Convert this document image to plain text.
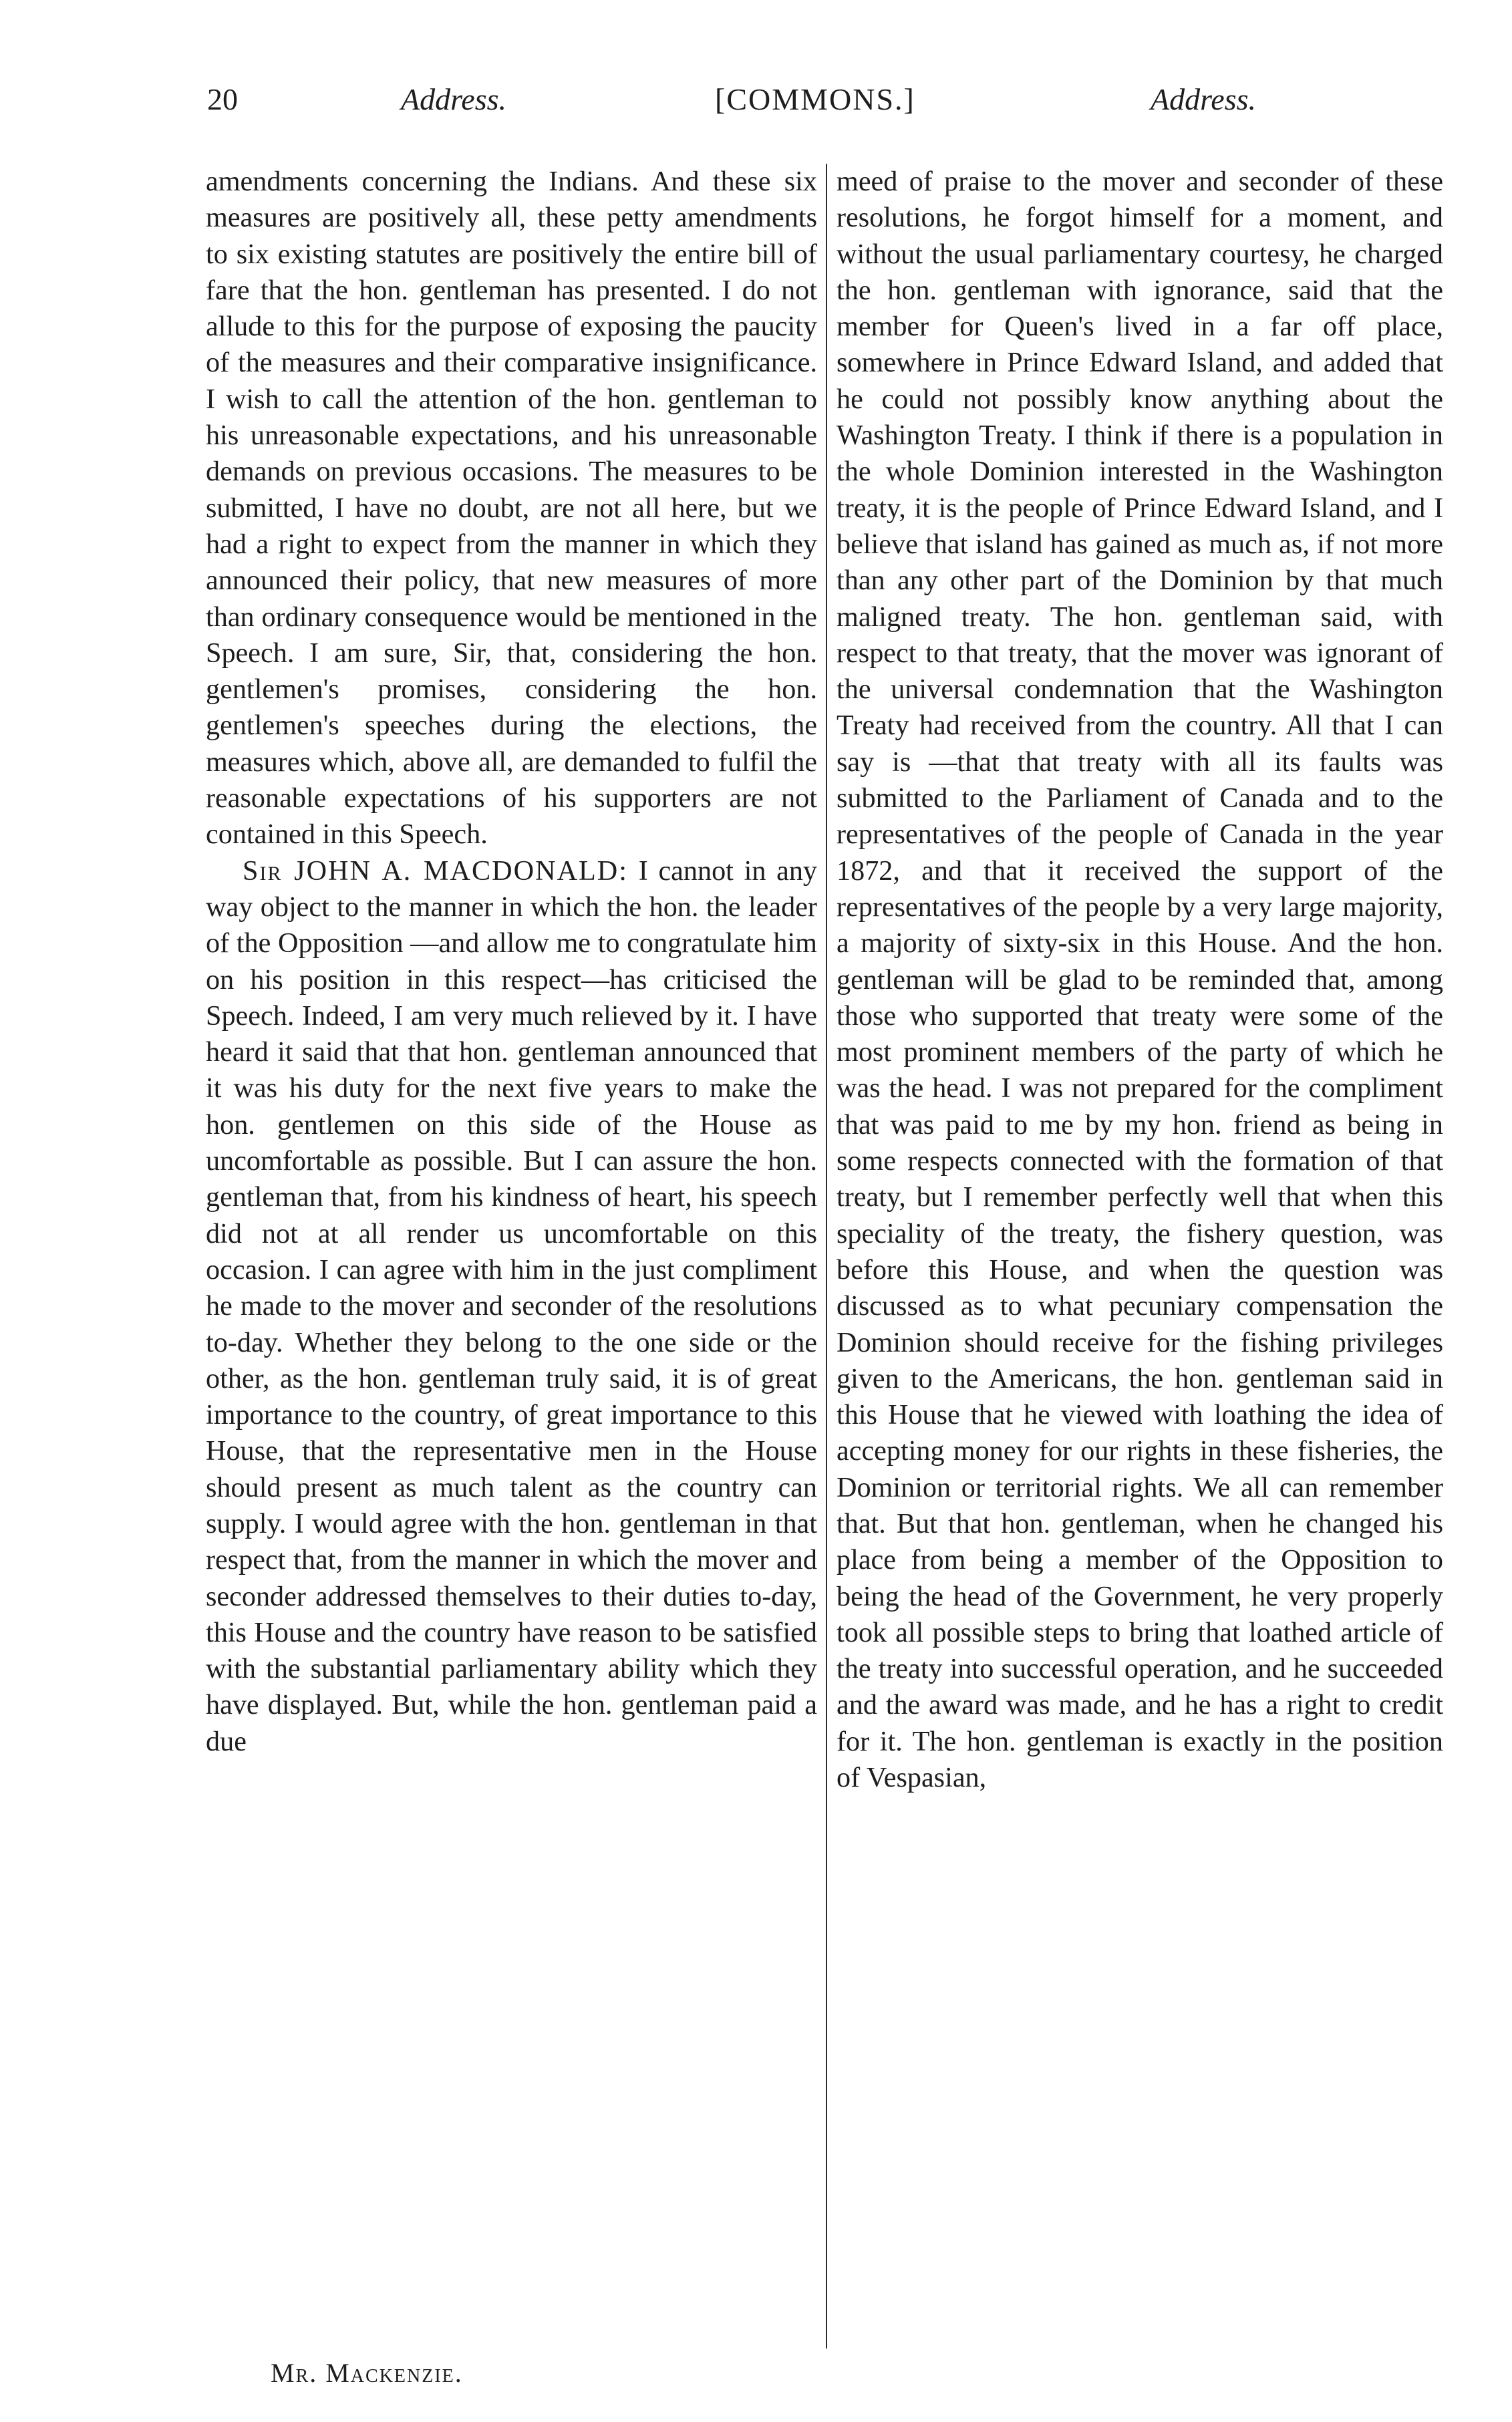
20	Address.	[COMMONS.]	Address.

amendments concerning the Indians. And these six measures are positively all, these petty amendments to six existing statutes are positively the entire bill of fare that the hon. gentleman has presented. I do not allude to this for the purpose of exposing the paucity of the measures and their comparative insignificance. I wish to call the attention of the hon. gentleman to his unreasonable expectations, and his unreasonable demands on previous occasions. The measures to be submitted, I have no doubt, are not all here, but we had a right to expect from the manner in which they announced their policy, that new measures of more than ordinary consequence would be mentioned in the Speech. I am sure, Sir, that, considering the hon. gentlemen's promises, considering the hon. gentlemen's speeches during the elections, the measures which, above all, are demanded to fulfil the reasonable expectations of his supporters are not contained in this Speech.

Sir JOHN A. MACDONALD: I cannot in any way object to the manner in which the hon. the leader of the Opposition —and allow me to congratulate him on his position in this respect—has criticised the Speech. Indeed, I am very much relieved by it. I have heard it said that that hon. gentleman announced that it was his duty for the next five years to make the hon. gentlemen on this side of the House as uncomfortable as possible. But I can assure the hon. gentleman that, from his kindness of heart, his speech did not at all render us uncomfortable on this occasion. I can agree with him in the just compliment he made to the mover and seconder of the resolutions to-day. Whether they belong to the one side or the other, as the hon. gentleman truly said, it is of great importance to the country, of great importance to this House, that the representative men in the House should present as much talent as the country can supply. I would agree with the hon. gentleman in that respect that, from the manner in which the mover and seconder addressed themselves to their duties to-day, this House and the country have reason to be satisfied with the substantial parliamentary ability which they have displayed. But, while the hon. gentleman paid a due

meed of praise to the mover and seconder of these resolutions, he forgot himself for a moment, and without the usual parliamentary courtesy, he charged the hon. gentleman with ignorance, said that the member for Queen's lived in a far off place, somewhere in Prince Edward Island, and added that he could not possibly know anything about the Washington Treaty. I think if there is a population in the whole Dominion interested in the Washington treaty, it is the people of Prince Edward Island, and I believe that island has gained as much as, if not more than any other part of the Dominion by that much maligned treaty. The hon. gentleman said, with respect to that treaty, that the mover was ignorant of the universal condemnation that the Washington Treaty had received from the country. All that I can say is —that that treaty with all its faults was submitted to the Parliament of Canada and to the representatives of the people of Canada in the year 1872, and that it received the support of the representatives of the people by a very large majority, a majority of sixty-six in this House. And the hon. gentleman will be glad to be reminded that, among those who supported that treaty were some of the most prominent members of the party of which he was the head. I was not prepared for the compliment that was paid to me by my hon. friend as being in some respects connected with the formation of that treaty, but I remember perfectly well that when this speciality of the treaty, the fishery question, was before this House, and when the question was discussed as to what pecuniary compensation the Dominion should receive for the fishing privileges given to the Americans, the hon. gentleman said in this House that he viewed with loathing the idea of accepting money for our rights in these fisheries, the Dominion or territorial rights. We all can remember that. But that hon. gentleman, when he changed his place from being a member of the Opposition to being the head of the Government, he very properly took all possible steps to bring that loathed article of the treaty into successful operation, and he succeeded and the award was made, and he has a right to credit for it. The hon. gentleman is exactly in the position of Vespasian,

Mr. Mackenzie.
